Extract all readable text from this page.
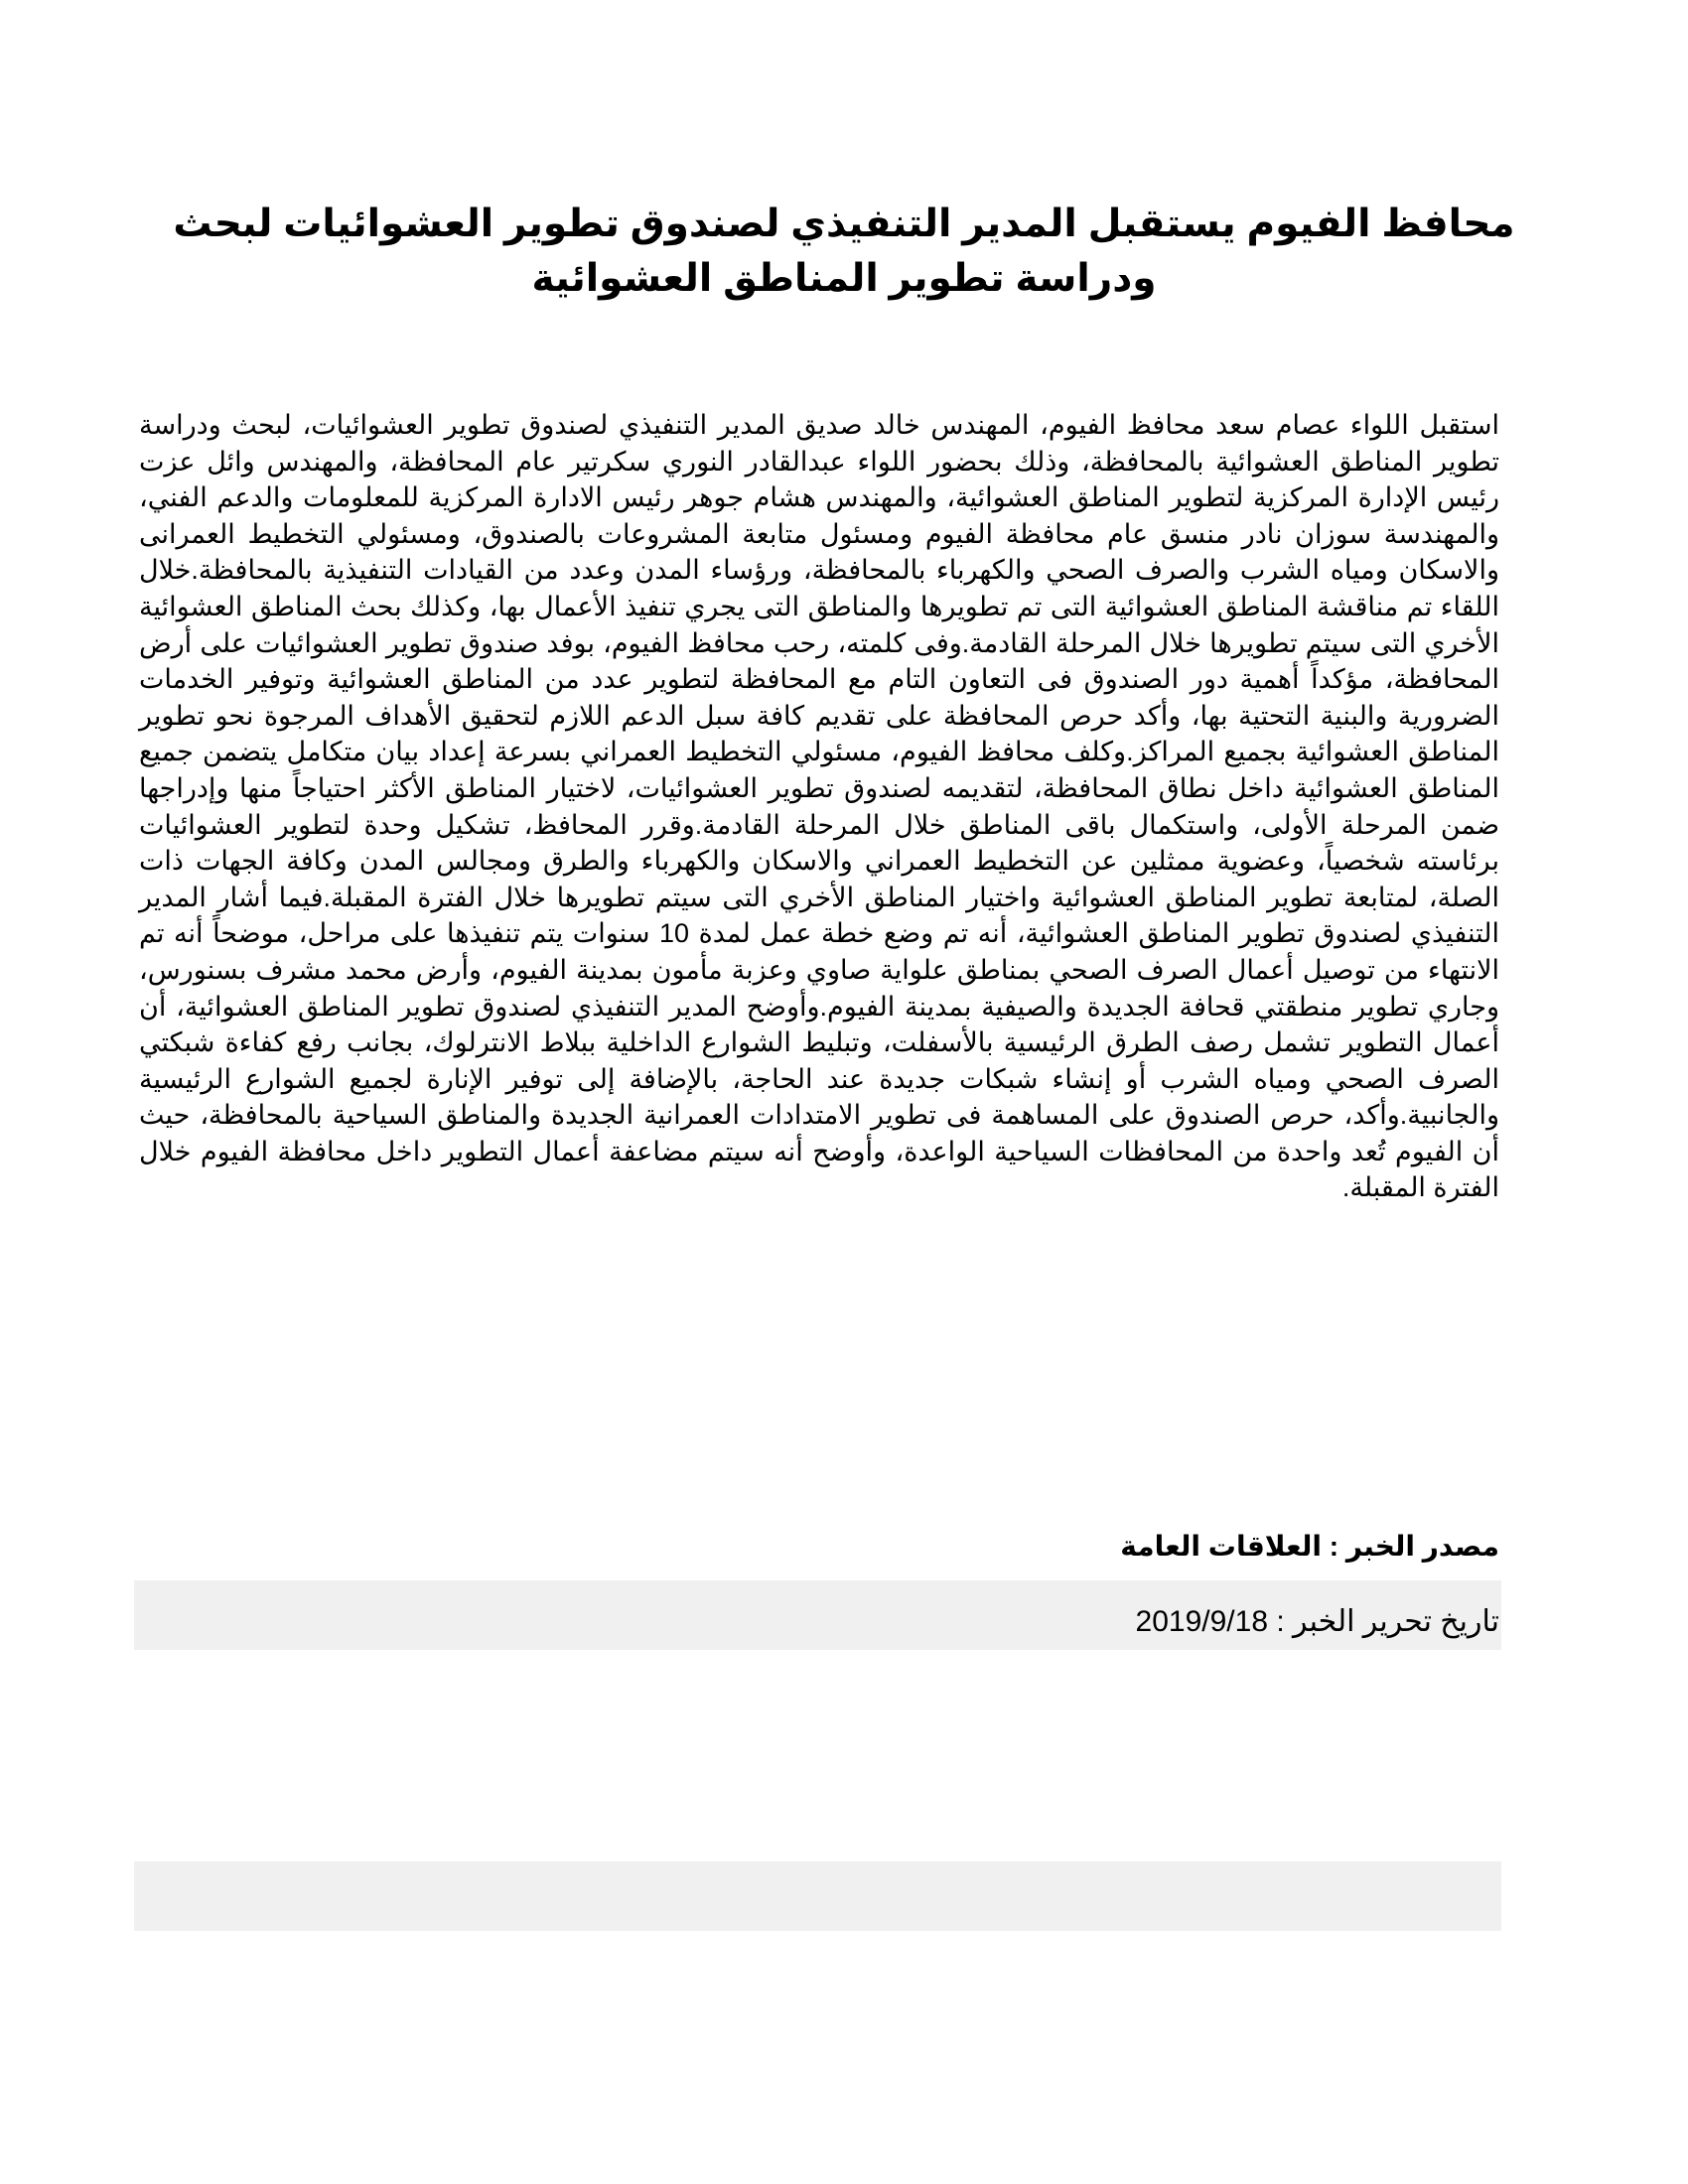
محافظ الفيوم يستقبل المدير التنفيذي لصندوق تطوير العشوائيات لبحث ودراسة تطوير المناطق العشوائية

استقبل اللواء عصام سعد محافظ الفيوم، المهندس خالد صديق المدير التنفيذي لصندوق تطوير العشوائيات، لبحث ودراسة تطوير المناطق العشوائية بالمحافظة، وذلك بحضور اللواء عبدالقادر النوري سكرتير عام المحافظة، والمهندس وائل عزت رئيس الإدارة المركزية لتطوير المناطق العشوائية، والمهندس هشام جوهر رئيس الادارة المركزية للمعلومات والدعم الفني، والمهندسة سوزان نادر منسق عام محافظة الفيوم ومسئول متابعة المشروعات بالصندوق، ومسئولي التخطيط العمرانى والاسكان ومياه الشرب والصرف الصحي والكهرباء بالمحافظة، ورؤساء المدن وعدد من القيادات التنفيذية بالمحافظة.خلال اللقاء تم مناقشة المناطق العشوائية التى تم تطويرها والمناطق التى يجري تنفيذ الأعمال بها، وكذلك بحث المناطق العشوائية الأخري التى سيتم تطويرها خلال المرحلة القادمة.وفى كلمته، رحب محافظ الفيوم، بوفد صندوق تطوير العشوائيات على أرض المحافظة، مؤكداً أهمية دور الصندوق فى التعاون التام مع المحافظة لتطوير عدد من المناطق العشوائية وتوفير الخدمات الضرورية والبنية التحتية بها، وأكد حرص المحافظة على تقديم كافة سبل الدعم اللازم لتحقيق الأهداف المرجوة نحو تطوير المناطق العشوائية بجميع المراكز.وكلف محافظ الفيوم، مسئولي التخطيط العمراني بسرعة إعداد بيان متكامل يتضمن جميع المناطق العشوائية داخل نطاق المحافظة، لتقديمه لصندوق تطوير العشوائيات، لاختيار المناطق الأكثر احتياجاً منها وإدراجها ضمن المرحلة الأولى، واستكمال باقى المناطق خلال المرحلة القادمة.وقرر المحافظ، تشكيل وحدة لتطوير العشوائيات برئاسته شخصياً، وعضوية ممثلين عن التخطيط العمراني والاسكان والكهرباء والطرق ومجالس المدن وكافة الجهات ذات الصلة، لمتابعة تطوير المناطق العشوائية واختيار المناطق الأخري التى سيتم تطويرها خلال الفترة المقبلة.فيما أشار المدير التنفيذي لصندوق تطوير المناطق العشوائية، أنه تم وضع خطة عمل لمدة 10 سنوات يتم تنفيذها على مراحل، موضحاً أنه تم الانتهاء من توصيل أعمال الصرف الصحي بمناطق علواية صاوي وعزبة مأمون بمدينة الفيوم، وأرض محمد مشرف بسنورس، وجاري تطوير منطقتي قحافة الجديدة والصيفية بمدينة الفيوم.وأوضح المدير التنفيذي لصندوق تطوير المناطق العشوائية، أن أعمال التطوير تشمل رصف الطرق الرئيسية بالأسفلت، وتبليط الشوارع الداخلية ببلاط الانترلوك، بجانب رفع كفاءة شبكتي الصرف الصحي ومياه الشرب أو إنشاء شبكات جديدة عند الحاجة، بالإضافة إلى توفير الإنارة لجميع الشوارع الرئيسية والجانبية.وأكد، حرص الصندوق على المساهمة فى تطوير الامتدادات العمرانية الجديدة والمناطق السياحية بالمحافظة، حيث أن الفيوم تُعد واحدة من المحافظات السياحية الواعدة، وأوضح أنه سيتم مضاعفة أعمال التطوير داخل محافظة الفيوم خلال الفترة المقبلة.

مصدر الخبر : العلاقات العامة

تاريخ تحرير الخبر : 2019/9/18
